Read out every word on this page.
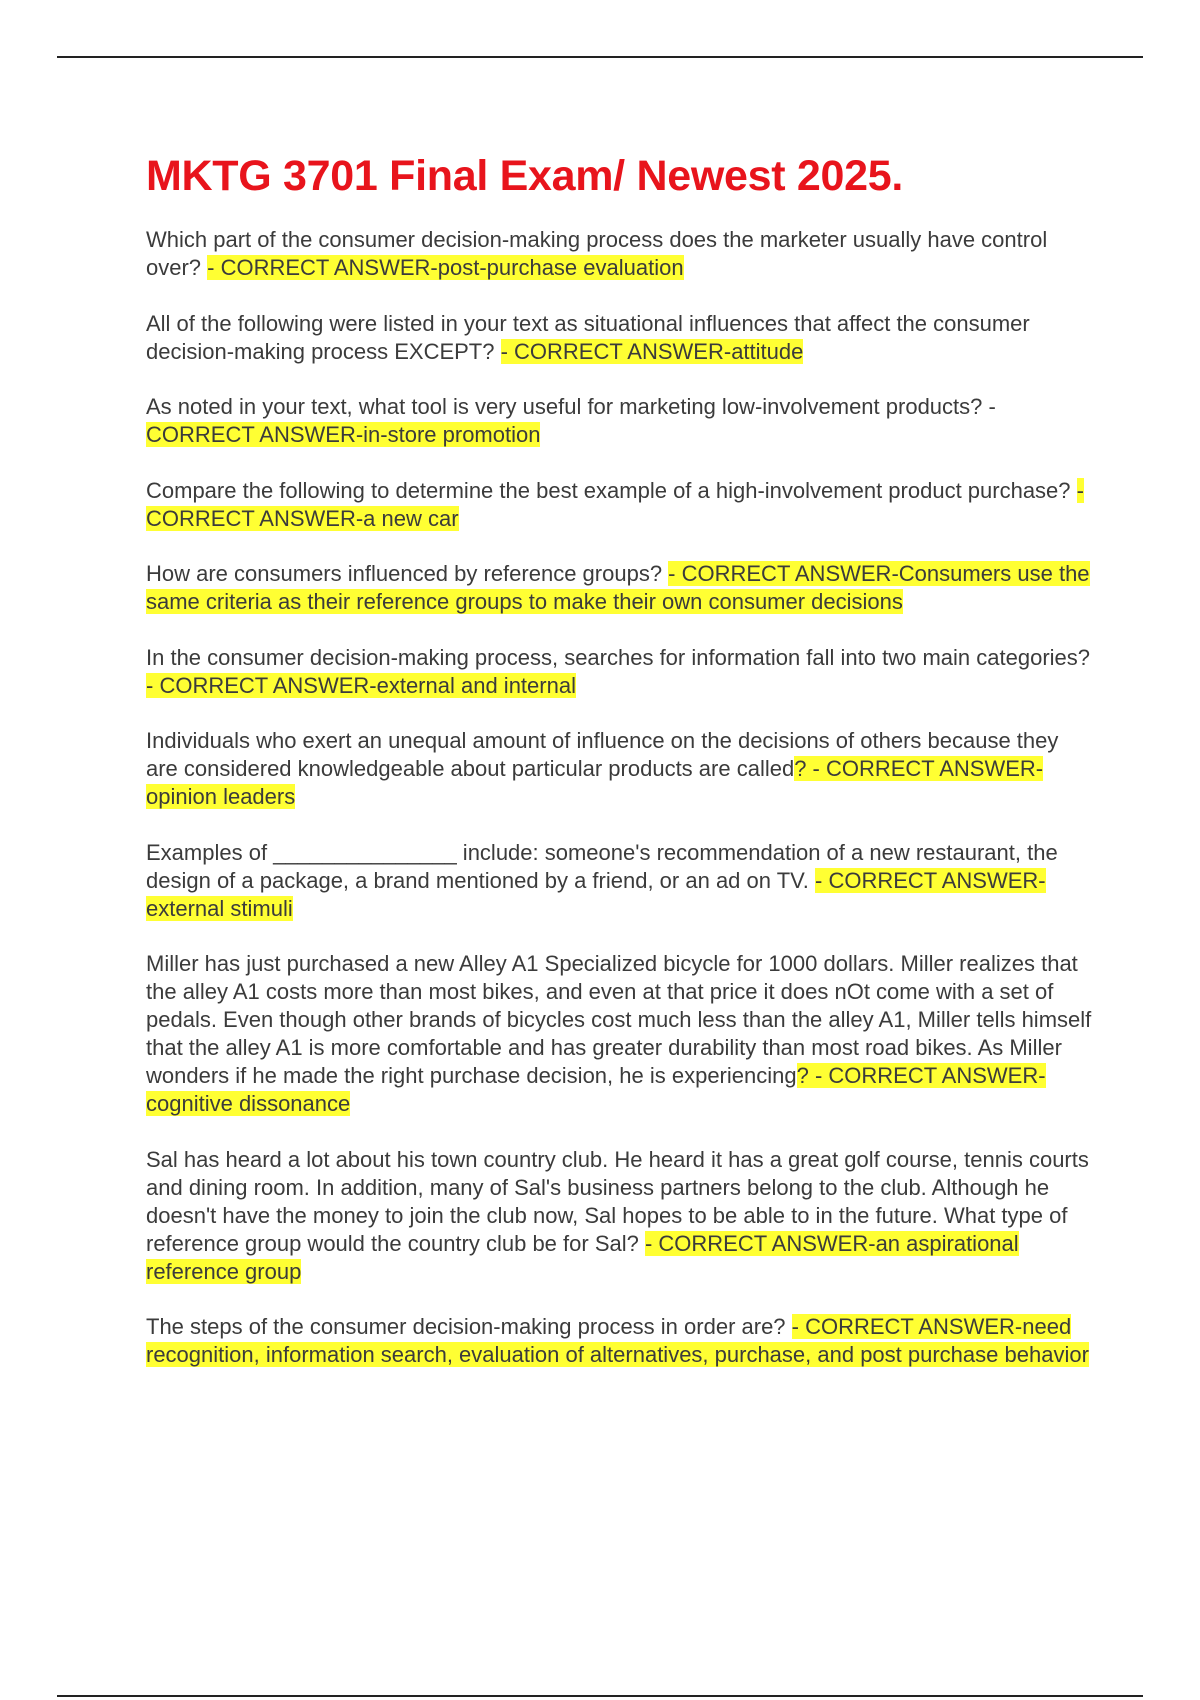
MKTG 3701 Final Exam/ Newest 2025.

Which part of the consumer decision-making process does the marketer usually have control over? - CORRECT ANSWER-post-purchase evaluation

All of the following were listed in your text as situational influences that affect the consumer decision-making process EXCEPT? - CORRECT ANSWER-attitude

As noted in your text, what tool is very useful for marketing low-involvement products? - CORRECT ANSWER-in-store promotion

Compare the following to determine the best example of a high-involvement product purchase? - CORRECT ANSWER-a new car

How are consumers influenced by reference groups? - CORRECT ANSWER-Consumers use the same criteria as their reference groups to make their own consumer decisions

In the consumer decision-making process, searches for information fall into two main categories? - CORRECT ANSWER-external and internal

Individuals who exert an unequal amount of influence on the decisions of others because they are considered knowledgeable about particular products are called? - CORRECT ANSWER-opinion leaders

Examples of _______________ include: someone's recommendation of a new restaurant, the design of a package, a brand mentioned by a friend, or an ad on TV. - CORRECT ANSWER-external stimuli

Miller has just purchased a new Alley A1 Specialized bicycle for 1000 dollars. Miller realizes that the alley A1 costs more than most bikes, and even at that price it does nOt come with a set of pedals. Even though other brands of bicycles cost much less than the alley A1, Miller tells himself that the alley A1 is more comfortable and has greater durability than most road bikes. As Miller wonders if he made the right purchase decision, he is experiencing? - CORRECT ANSWER-cognitive dissonance

Sal has heard a lot about his town country club. He heard it has a great golf course, tennis courts and dining room. In addition, many of Sal's business partners belong to the club. Although he doesn't have the money to join the club now, Sal hopes to be able to in the future. What type of reference group would the country club be for Sal? - CORRECT ANSWER-an aspirational reference group

The steps of the consumer decision-making process in order are? - CORRECT ANSWER-need recognition, information search, evaluation of alternatives, purchase, and post purchase behavior
